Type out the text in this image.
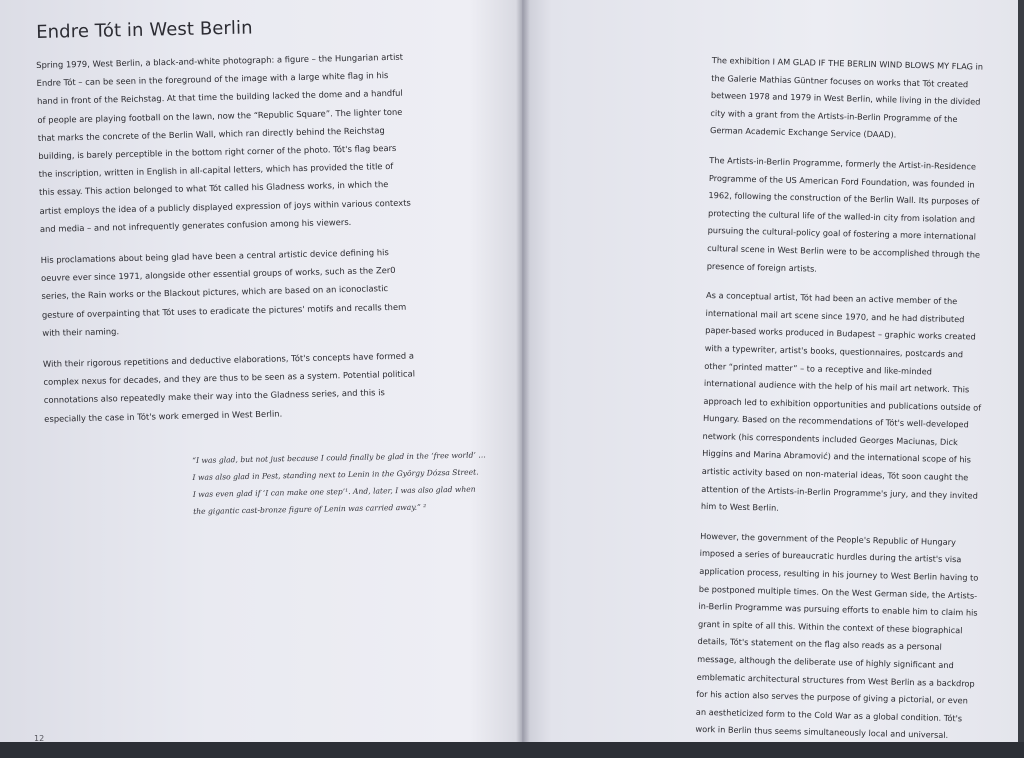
Endre Tót in West Berlin

Spring 1979, West Berlin, a black-and-white photograph: a figure – the Hungarian artist Endre Tót – can be seen in the foreground of the image with a large white flag in his hand in front of the Reichstag. At that time the building lacked the dome and a handful of people are playing football on the lawn, now the “Republic Square”. The lighter tone that marks the concrete of the Berlin Wall, which ran directly behind the Reichstag building, is barely perceptible in the bottom right corner of the photo. Tót's flag bears the inscription, written in English in all-capital letters, which has provided the title of this essay. This action belonged to what Tót called his Gladness works, in which the artist employs the idea of a publicly displayed expression of joys within various contexts and media – and not infrequently generates confusion among his viewers.

His proclamations about being glad have been a central artistic device defining his oeuvre ever since 1971, alongside other essential groups of works, such as the Zer0 series, the Rain works or the Blackout pictures, which are based on an iconoclastic gesture of overpainting that Tót uses to eradicate the pictures' motifs and recalls them with their naming.

With their rigorous repetitions and deductive elaborations, Tót's concepts have formed a complex nexus for decades, and they are thus to be seen as a system. Potential political connotations also repeatedly make their way into the Gladness series, and this is especially the case in Tót's work emerged in West Berlin.

“I was glad, but not just because I could finally be glad in the ‘free world’ …

I was also glad in Pest, standing next to Lenin in the György Dózsa Street.

I was even glad if ‘I can make one step’¹. And, later, I was also glad when

the gigantic cast-bronze figure of Lenin was carried away.” ²

12

The exhibition I AM GLAD IF THE BERLIN WIND BLOWS MY FLAG in the Galerie Mathias Güntner focuses on works that Tót created between 1978 and 1979 in West Berlin, while living in the divided city with a grant from the Artists-in-Berlin Programme of the German Academic Exchange Service (DAAD).

The Artists-in-Berlin Programme, formerly the Artist-in-Residence Programme of the US American Ford Foundation, was founded in 1962, following the construction of the Berlin Wall. Its purposes of protecting the cultural life of the walled-in city from isolation and pursuing the cultural-policy goal of fostering a more international cultural scene in West Berlin were to be accomplished through the presence of foreign artists.

As a conceptual artist, Tót had been an active member of the international mail art scene since 1970, and he had distributed paper-based works produced in Budapest – graphic works created with a typewriter, artist's books, questionnaires, postcards and other “printed matter” – to a receptive and like-minded international audience with the help of his mail art network. This approach led to exhibition opportunities and publications outside of Hungary. Based on the recommendations of Tót's well-developed network (his correspondents included Georges Maciunas, Dick Higgins and Marina Abramović) and the international scope of his artistic activity based on non-material ideas, Tót soon caught the attention of the Artists-in-Berlin Programme's jury, and they invited him to West Berlin.

However, the government of the People's Republic of Hungary imposed a series of bureaucratic hurdles during the artist's visa application process, resulting in his journey to West Berlin having to be postponed multiple times. On the West German side, the Artists-in-Berlin Programme was pursuing efforts to enable him to claim his grant in spite of all this. Within the context of these biographical details, Tót's statement on the flag also reads as a personal message, although the deliberate use of highly significant and emblematic architectural structures from West Berlin as a backdrop for his action also serves the purpose of giving a pictorial, or even an aestheticized form to the Cold War as a global condition. Tót's work in Berlin thus seems simultaneously local and universal.
